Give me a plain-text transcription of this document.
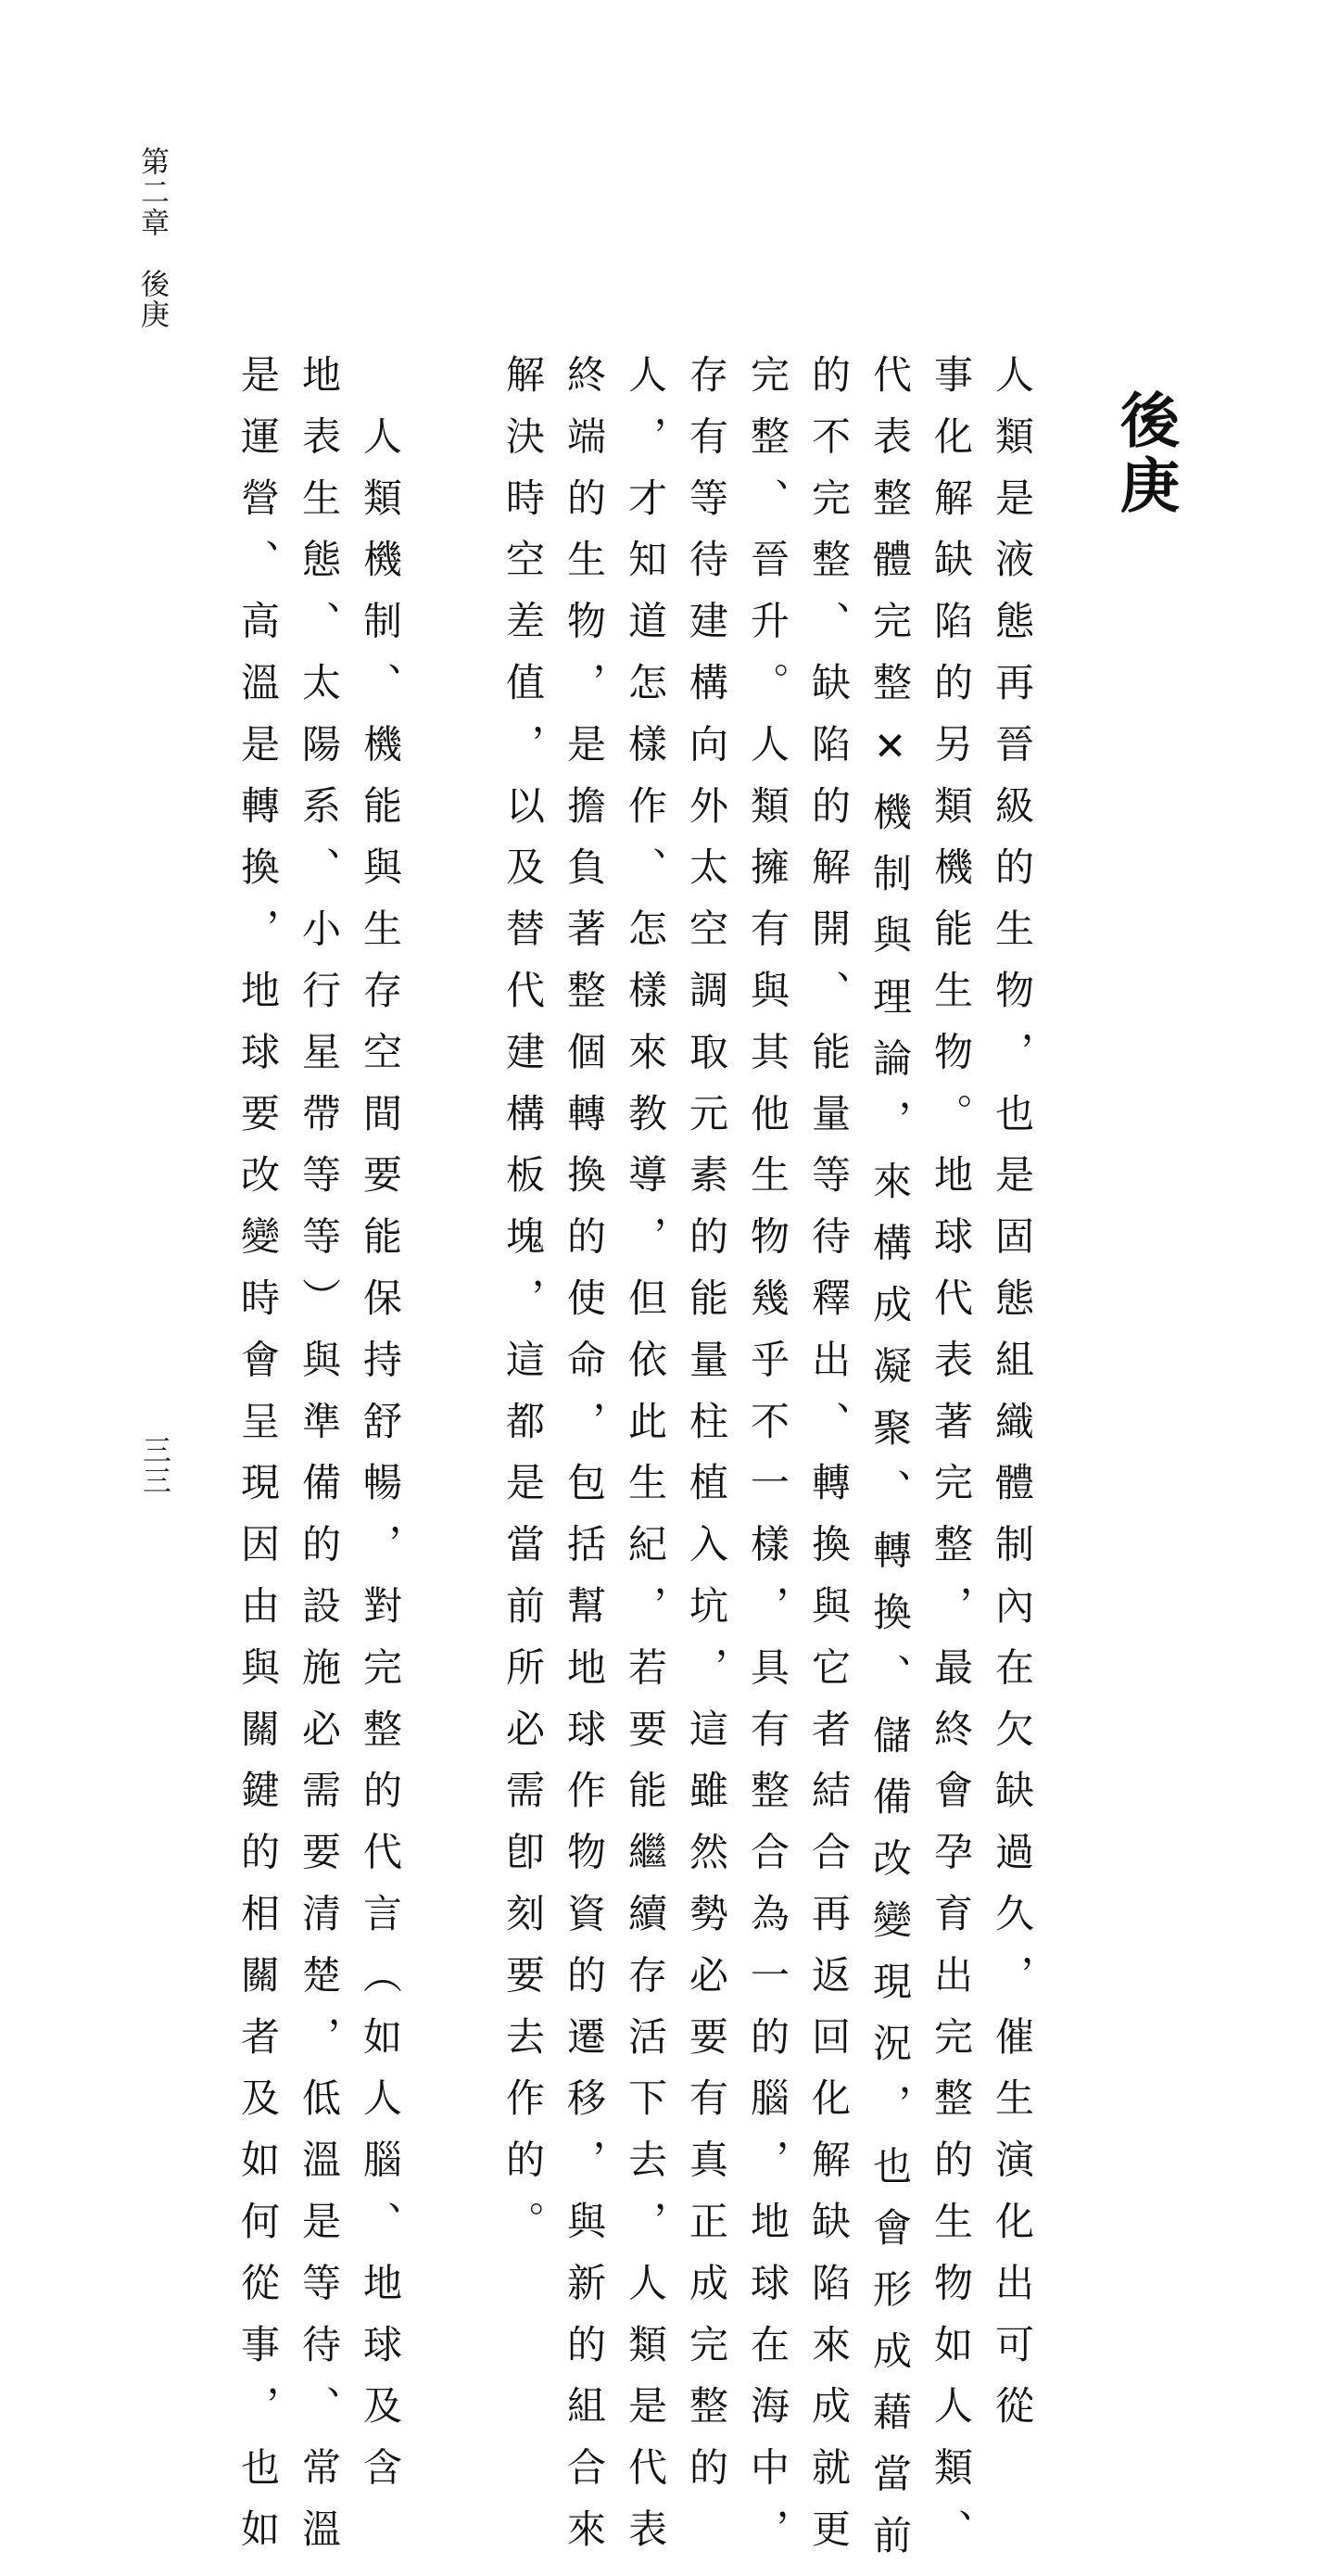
第二章　後庚
後庚
人類是液態再晉級的生物，也是固態組織體制內在欠缺過久，催生演化出可從
事化解缺陷的另類機能生物。地球代表著完整，最終會孕育出完整的生物如人類、
代表整體完整✕機制與理論，來構成凝聚、轉換、儲備改變現況，也會形成藉當前
的不完整、缺陷的解開、能量等待釋出、轉換與它者結合再返回化解缺陷來成就更
完整、晉升。人類擁有與其他生物幾乎不一樣，具有整合為一的腦，地球在海中，
存有等待建構向外太空調取元素的能量柱植入坑，這雖然勢必要有真正成完整的
人，才知道怎樣作、怎樣來教導，但依此生紀，若要能繼續存活下去，人類是代表
終端的生物，是擔負著整個轉換的使命，包括幫地球作物資的遷移，與新的組合來
解決時空差值，以及替代建構板塊，這都是當前所必需卽刻要去作的。
　人類機制、機能與生存空間要能保持舒暢，對完整的代言（如人腦、地球及含
地表生態、太陽系、小行星帶等等）與準備的設施必需要清楚，低溫是等待、常溫
是運營、高溫是轉換，地球要改變時會呈現因由與關鍵的相關者及如何從事，也如
三三
